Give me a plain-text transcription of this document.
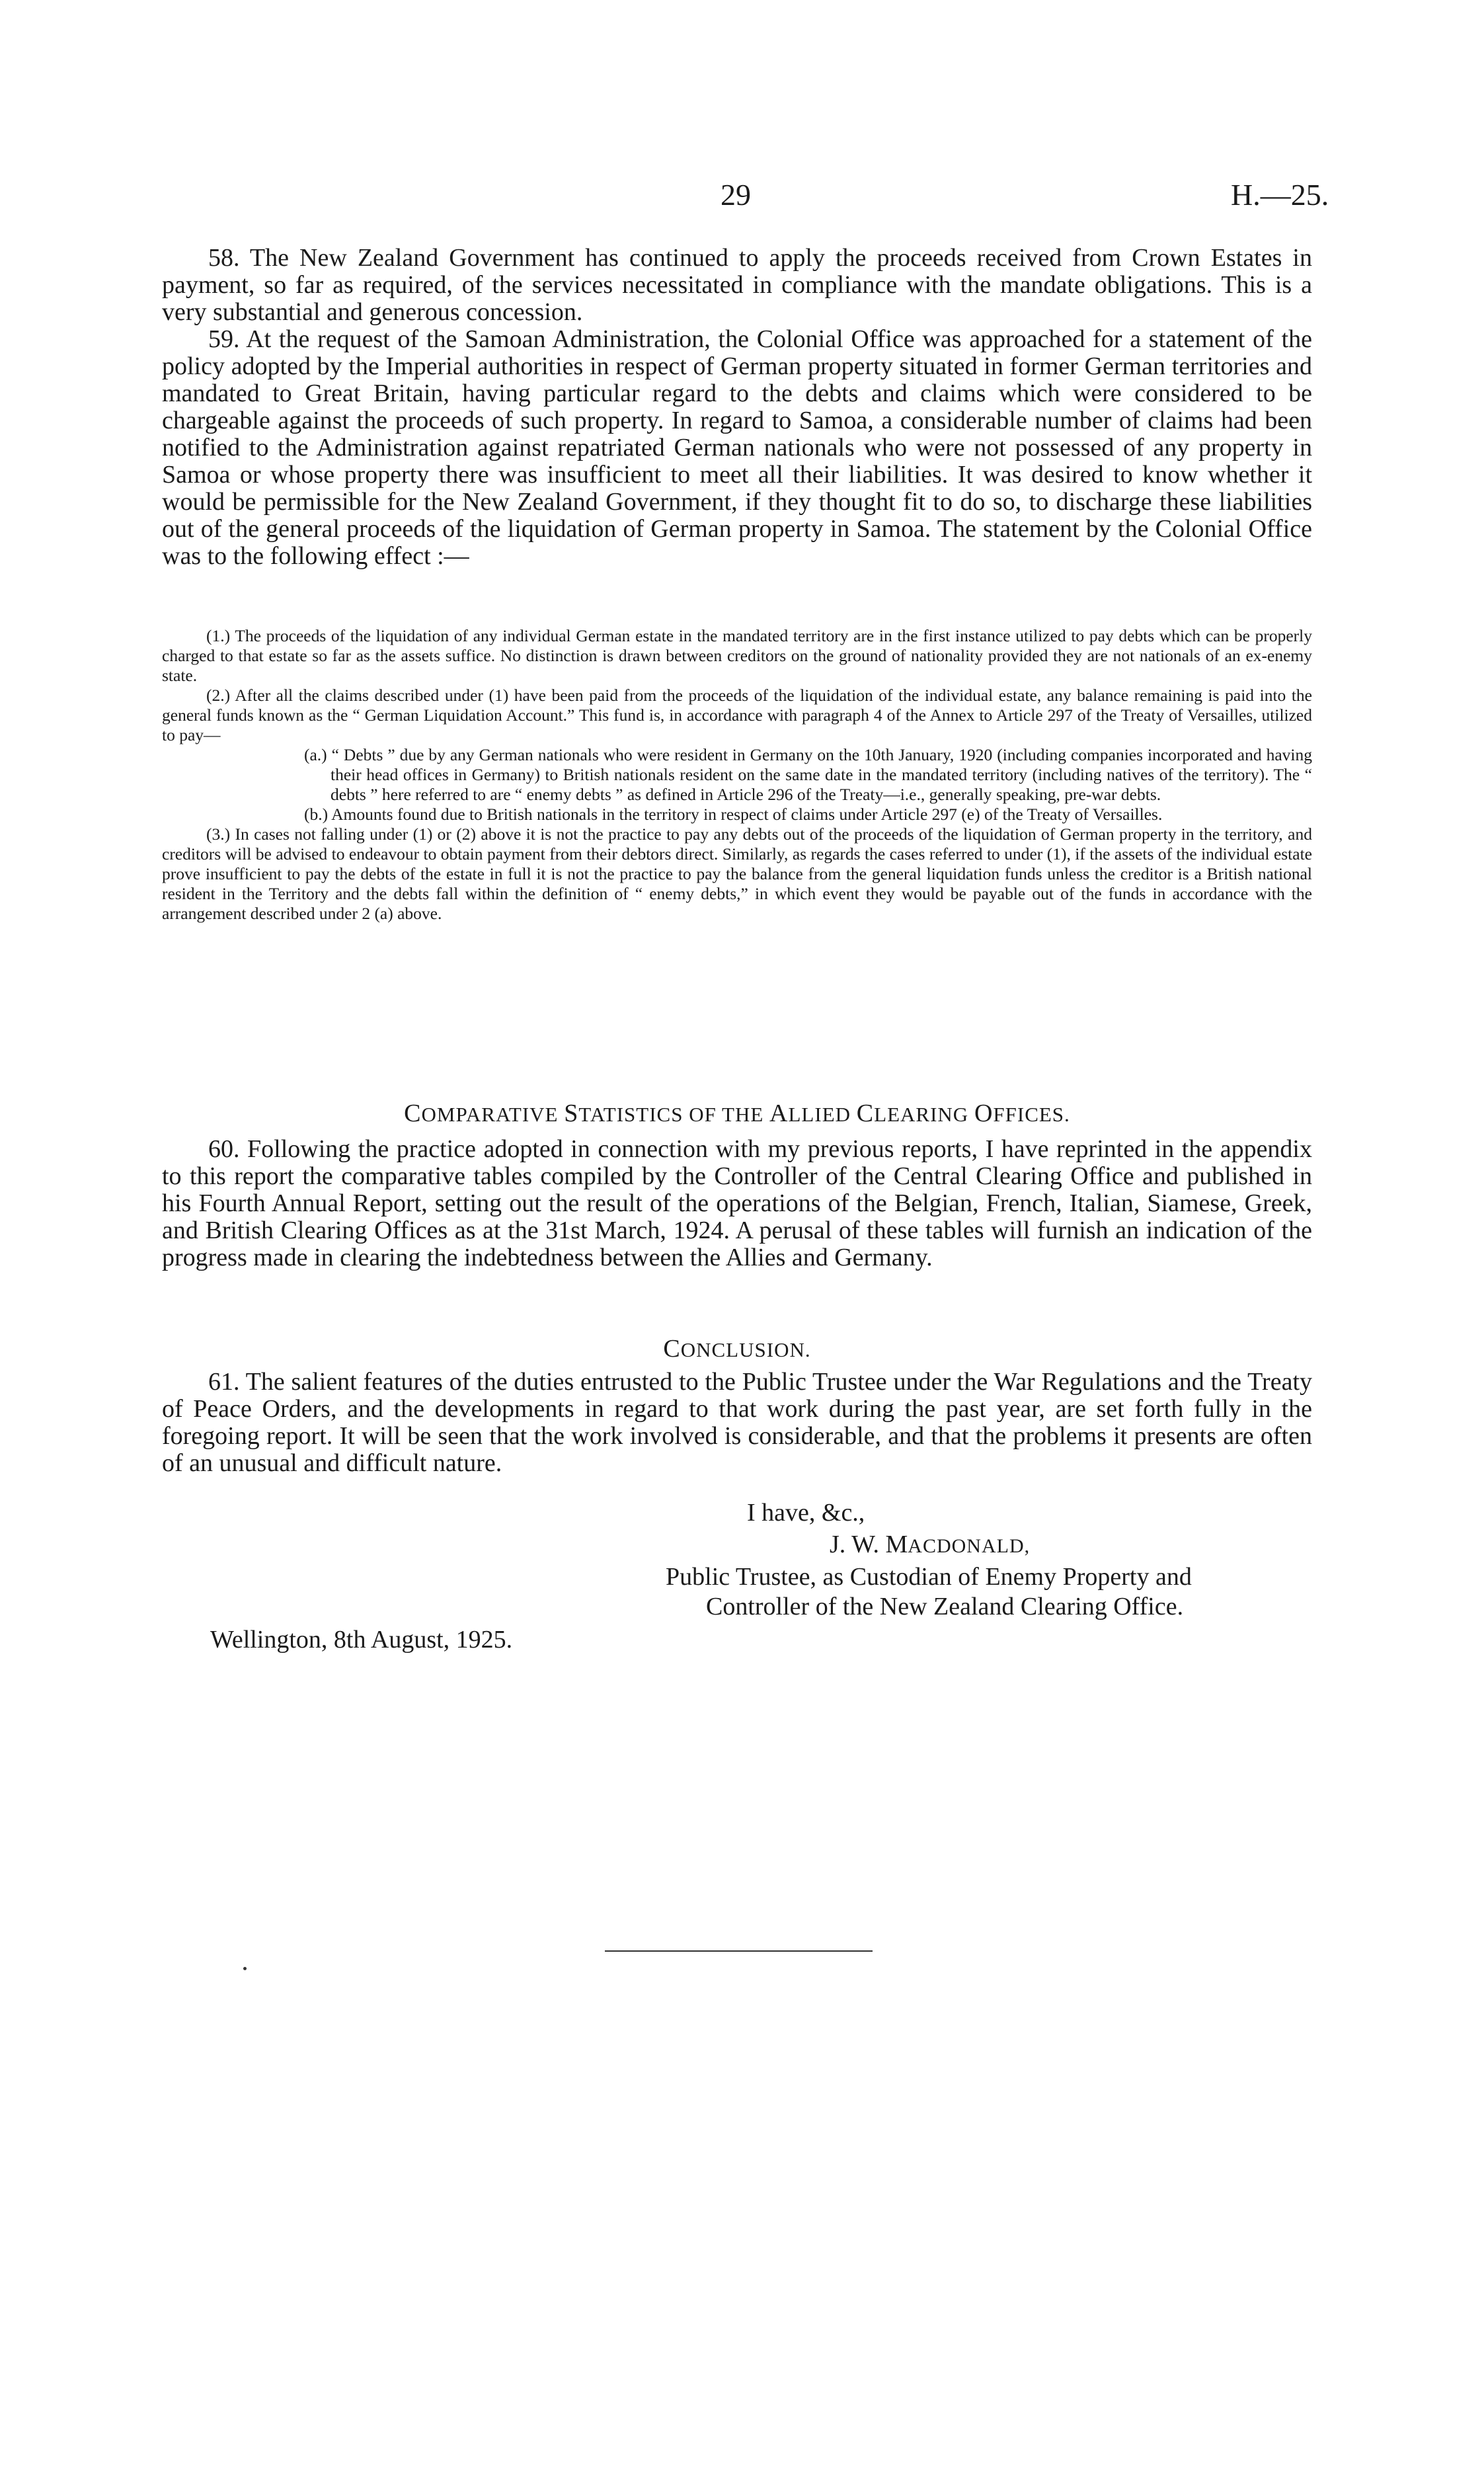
29	H.—25.

58. The New Zealand Government has continued to apply the proceeds received from Crown Estates in payment, so far as required, of the services necessitated in compliance with the mandate obligations. This is a very substantial and generous concession.

59. At the request of the Samoan Administration, the Colonial Office was approached for a statement of the policy adopted by the Imperial authorities in respect of German property situated in former German territories and mandated to Great Britain, having particular regard to the debts and claims which were considered to be chargeable against the proceeds of such property. In regard to Samoa, a considerable number of claims had been notified to the Administration against repatriated German nationals who were not possessed of any property in Samoa or whose property there was insufficient to meet all their liabilities. It was desired to know whether it would be permissible for the New Zealand Government, if they thought fit to do so, to discharge these liabilities out of the general proceeds of the liquidation of German property in Samoa. The statement by the Colonial Office was to the following effect :—

(1.) The proceeds of the liquidation of any individual German estate in the mandated territory are in the first instance utilized to pay debts which can be properly charged to that estate so far as the assets suffice. No distinction is drawn between creditors on the ground of nationality provided they are not nationals of an ex-enemy state.

(2.) After all the claims described under (1) have been paid from the proceeds of the liquidation of the individual estate, any balance remaining is paid into the general funds known as the “ German Liquidation Account.” This fund is, in accordance with paragraph 4 of the Annex to Article 297 of the Treaty of Versailles, utilized to pay—

(a.) “ Debts ” due by any German nationals who were resident in Germany on the 10th January, 1920 (including companies incorporated and having their head offices in Germany) to British nationals resident on the same date in the mandated territory (including natives of the territory). The “ debts ” here referred to are “ enemy debts ” as defined in Article 296 of the Treaty—i.e., generally speaking, pre-war debts.

(b.) Amounts found due to British nationals in the territory in respect of claims under Article 297 (e) of the Treaty of Versailles.

(3.) In cases not falling under (1) or (2) above it is not the practice to pay any debts out of the proceeds of the liquidation of German property in the territory, and creditors will be advised to endeavour to obtain payment from their debtors direct. Similarly, as regards the cases referred to under (1), if the assets of the individual estate prove insufficient to pay the debts of the estate in full it is not the practice to pay the balance from the general liquidation funds unless the creditor is a British national resident in the Territory and the debts fall within the definition of “ enemy debts,” in which event they would be payable out of the funds in accordance with the arrangement described under 2 (a) above.

COMPARATIVE STATISTICS OF THE ALLIED CLEARING OFFICES.

60. Following the practice adopted in connection with my previous reports, I have reprinted in the appendix to this report the comparative tables compiled by the Controller of the Central Clearing Office and published in his Fourth Annual Report, setting out the result of the operations of the Belgian, French, Italian, Siamese, Greek, and British Clearing Offices as at the 31st March, 1924. A perusal of these tables will furnish an indication of the progress made in clearing the indebtedness between the Allies and Germany.

CONCLUSION.

61. The salient features of the duties entrusted to the Public Trustee under the War Regulations and the Treaty of Peace Orders, and the developments in regard to that work during the past year, are set forth fully in the foregoing report. It will be seen that the work involved is considerable, and that the problems it presents are often of an unusual and difficult nature.

I have, &c.,
J. W. MACDONALD,
Public Trustee, as Custodian of Enemy Property and
Controller of the New Zealand Clearing Office.
Wellington, 8th August, 1925.
